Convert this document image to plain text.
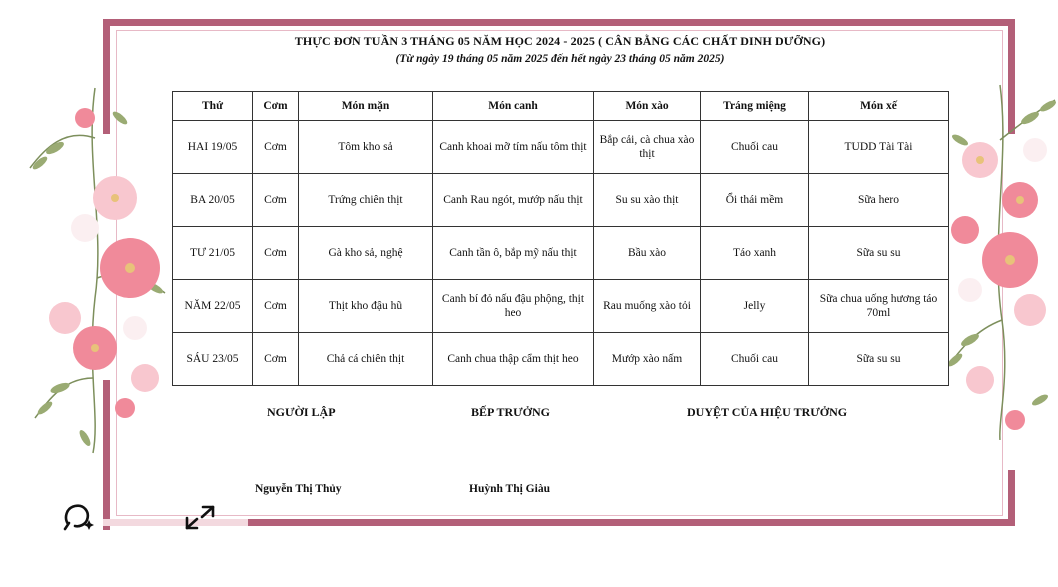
THỰC ĐƠN TUẦN 3 THÁNG 05 NĂM HỌC 2024 - 2025 ( CÂN BẰNG CÁC CHẤT DINH DƯỠNG)
(Từ ngày 19 tháng 05 năm 2025 đến hết ngày 23 tháng 05 năm 2025)
Thứ	Cơm	Món mặn	Món canh	Món xào	Tráng miệng	Món xế
HAI 19/05	Cơm	Tôm kho sả	Canh khoai mỡ tím nấu tôm thịt	Bắp cải, cà chua xào thịt	Chuối cau	TUDD Tài Tài
BA 20/05	Cơm	Trứng chiên thịt	Canh Rau ngót, mướp nấu thịt	Su su xào thịt	Ổi thái mềm	Sữa hero
TƯ 21/05	Cơm	Gà kho sả, nghệ	Canh tần ô, bắp mỹ nấu thịt	Bầu xào	Táo xanh	Sữa su su
NĂM 22/05	Cơm	Thịt kho đậu hũ	Canh bí đỏ nấu đậu phộng, thịt heo	Rau muống xào tỏi	Jelly	Sữa chua uống hương táo 70ml
SÁU 23/05	Cơm	Chả cá chiên thịt	Canh chua thập cẩm thịt heo	Mướp xào nấm	Chuối cau	Sữa su su
NGƯỜI LẬP	BẾP TRƯỞNG	DUYỆT CỦA HIỆU TRƯỞNG
Nguyễn Thị Thủy	Huỳnh Thị Giàu
